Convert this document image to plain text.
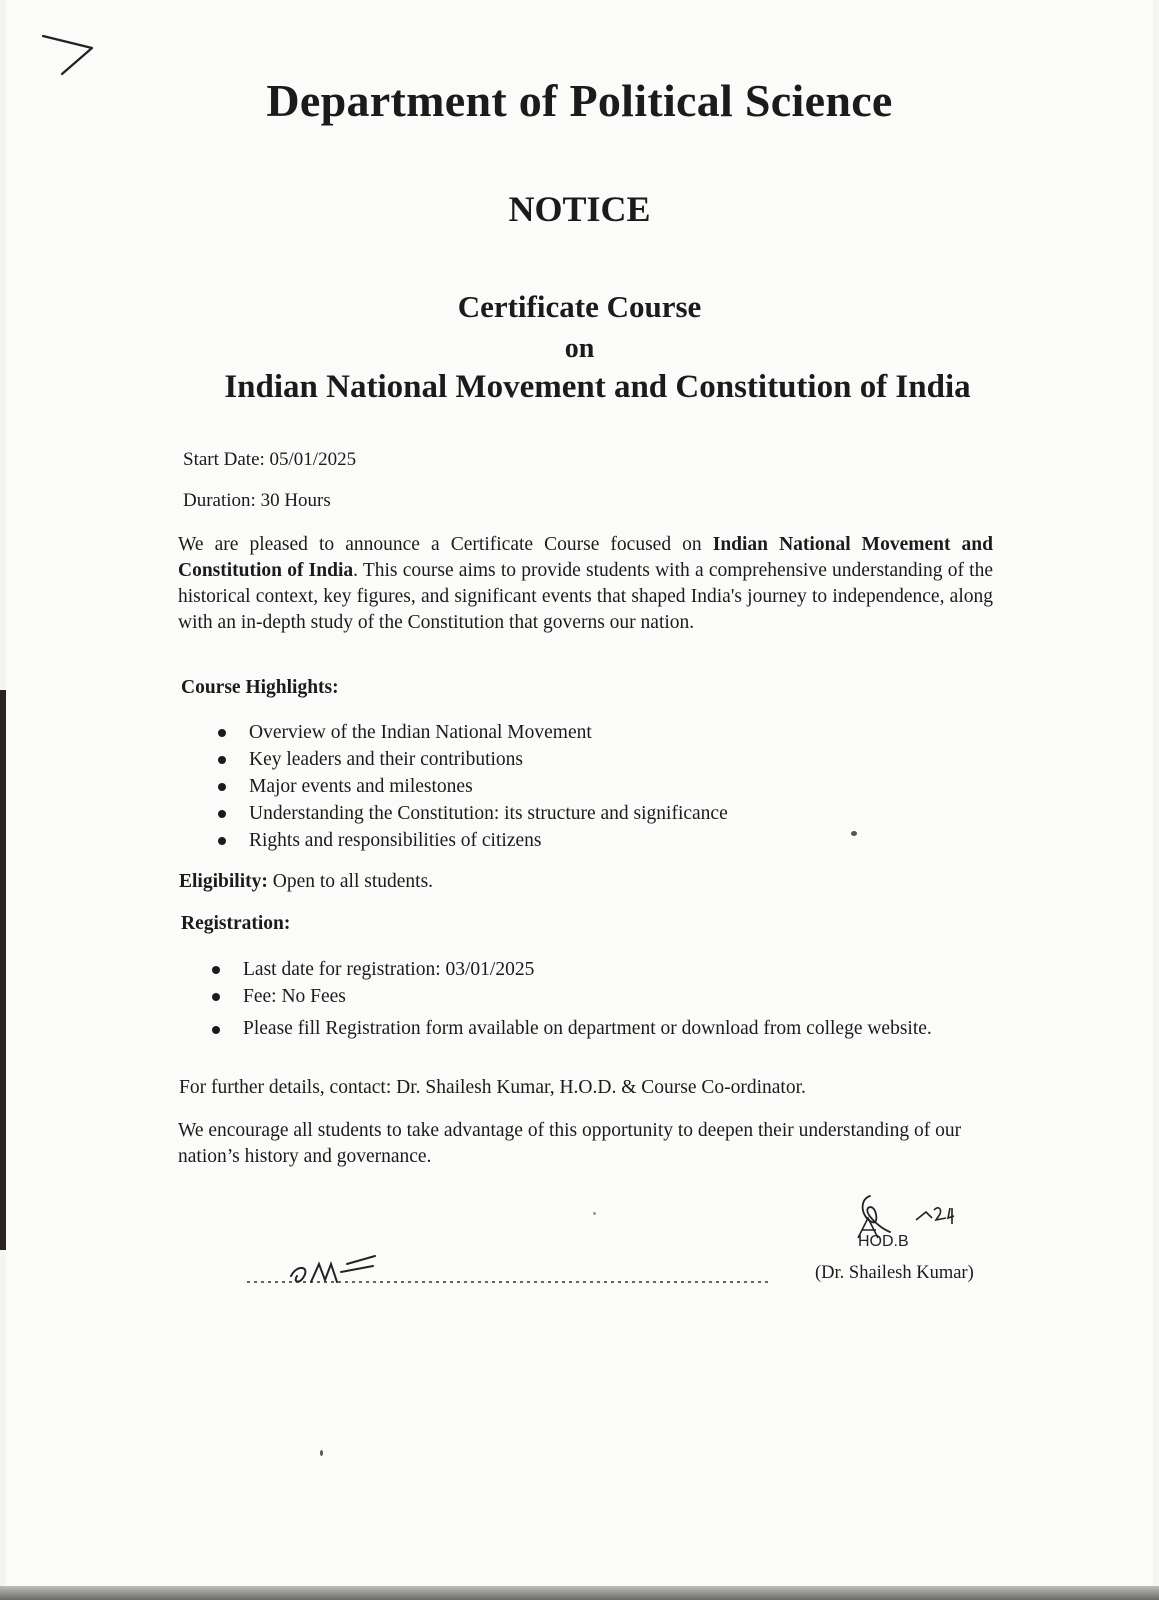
Department of Political Science
NOTICE
Certificate Course
on
Indian National Movement and Constitution of India
Start Date: 05/01/2025
Duration: 30 Hours

We are pleased to announce a Certificate Course focused on Indian National Movement and Constitution of India. This course aims to provide students with a comprehensive understanding of the historical context, key figures, and significant events that shaped India's journey to independence, along with an in-depth study of the Constitution that governs our nation.

Course Highlights:
Overview of the Indian National Movement
Key leaders and their contributions
Major events and milestones
Understanding the Constitution: its structure and significance
Rights and responsibilities of citizens
Eligibility: Open to all students.
Registration:
Last date for registration: 03/01/2025
Fee: No Fees
Please fill Registration form available on department or download from college website.
For further details, contact: Dr. Shailesh Kumar, H.O.D. & Course Co-ordinator.

We encourage all students to take advantage of this opportunity to deepen their understanding of our nation’s history and governance.

HOD.B
(Dr. Shailesh Kumar)
